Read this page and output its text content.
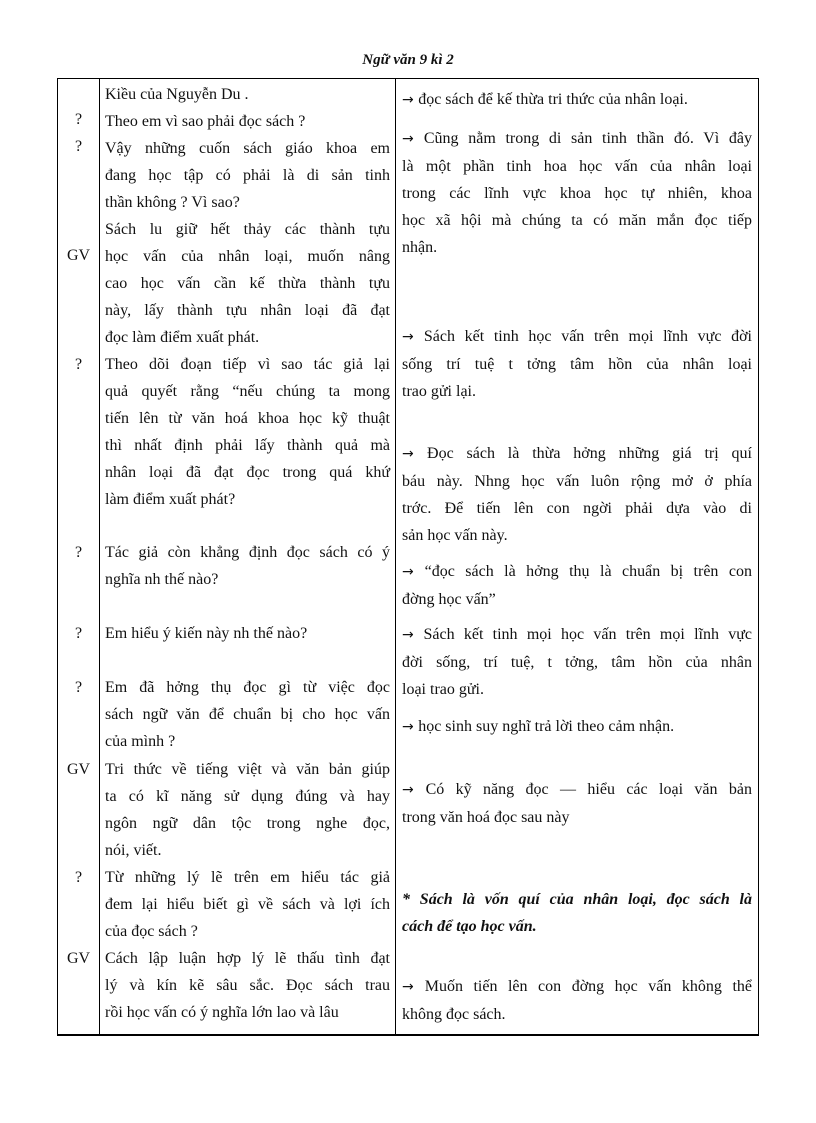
Ngữ văn 9 kì 2
?
?
GV
?
?
?
?
GV
?
GV
Kiều của Nguyễn Du .
Theo em vì sao phải đọc sách ?
Vậy những cuốn sách giáo khoa em
đang học tập có phải là di sản tinh
thần không ? Vì sao?
Sách lu giữ hết thảy các thành tựu
học vấn của nhân loại, muốn nâng
cao học vấn cần kế thừa thành tựu
này, lấy thành tựu nhân loại đã đạt
đọc làm điểm xuất phát.
Theo dõi đoạn tiếp vì sao tác giả lại
quả quyết rằng “nếu chúng ta mong
tiến lên từ văn hoá khoa học kỹ thuật
thì nhất định phải lấy thành quả mà
nhân loại đã đạt đọc trong quá khứ
làm điểm xuất phát?
Tác giả còn khẳng định đọc sách có ý
nghĩa nh thế nào?
Em hiểu ý kiến này nh thế nào?
Em đã hởng thụ đọc gì từ việc đọc
sách ngữ văn để chuẩn bị cho học vấn
của mình ?
Tri thức về tiếng việt và văn bản giúp
ta có kĩ năng sử dụng đúng và hay
ngôn ngữ dân tộc trong nghe đọc,
nói, viết.
Từ những lý lẽ trên em hiểu tác giả
đem lại hiểu biết gì về sách và lợi ích
của đọc sách ?
Cách lập luận hợp lý lẽ thấu tình đạt
lý và kín kẽ sâu sắc. Đọc sách trau
rồi học vấn có ý nghĩa lớn lao và lâu
→ đọc sách để kế thừa tri thức của nhân loại.
→ Cũng nằm trong di sản tinh thần đó. Vì đây
là một phần tinh hoa học vấn của nhân loại
trong các lĩnh vực khoa học tự nhiên, khoa
học xã hội mà chúng ta có măn mắn đọc tiếp
nhận.
→ Sách kết tinh học vấn trên mọi lĩnh vực đời
sống trí tuệ t tởng tâm hồn của nhân loại
trao gửi lại.
→ Đọc sách là thừa hởng những giá trị quí
báu này. Nhng học vấn luôn rộng mở ở phía
trớc. Để tiến lên con ngời phải dựa vào di
sản học vấn này.
→ “đọc sách là hởng thụ là chuẩn bị trên con
đờng học vấn”
→ Sách kết tinh mọi học vấn trên mọi lĩnh vực
đời sống, trí tuệ, t tởng, tâm hồn của nhân
loại trao gửi.
→ học sinh suy nghĩ trả lời theo cảm nhận.
→ Có kỹ năng đọc — hiểu các loại văn bản
trong văn hoá đọc sau này
* Sách là vốn quí của nhân loại, đọc sách là
cách để tạo học vấn.
→ Muốn tiến lên con đờng học vấn không thể
không đọc sách.
